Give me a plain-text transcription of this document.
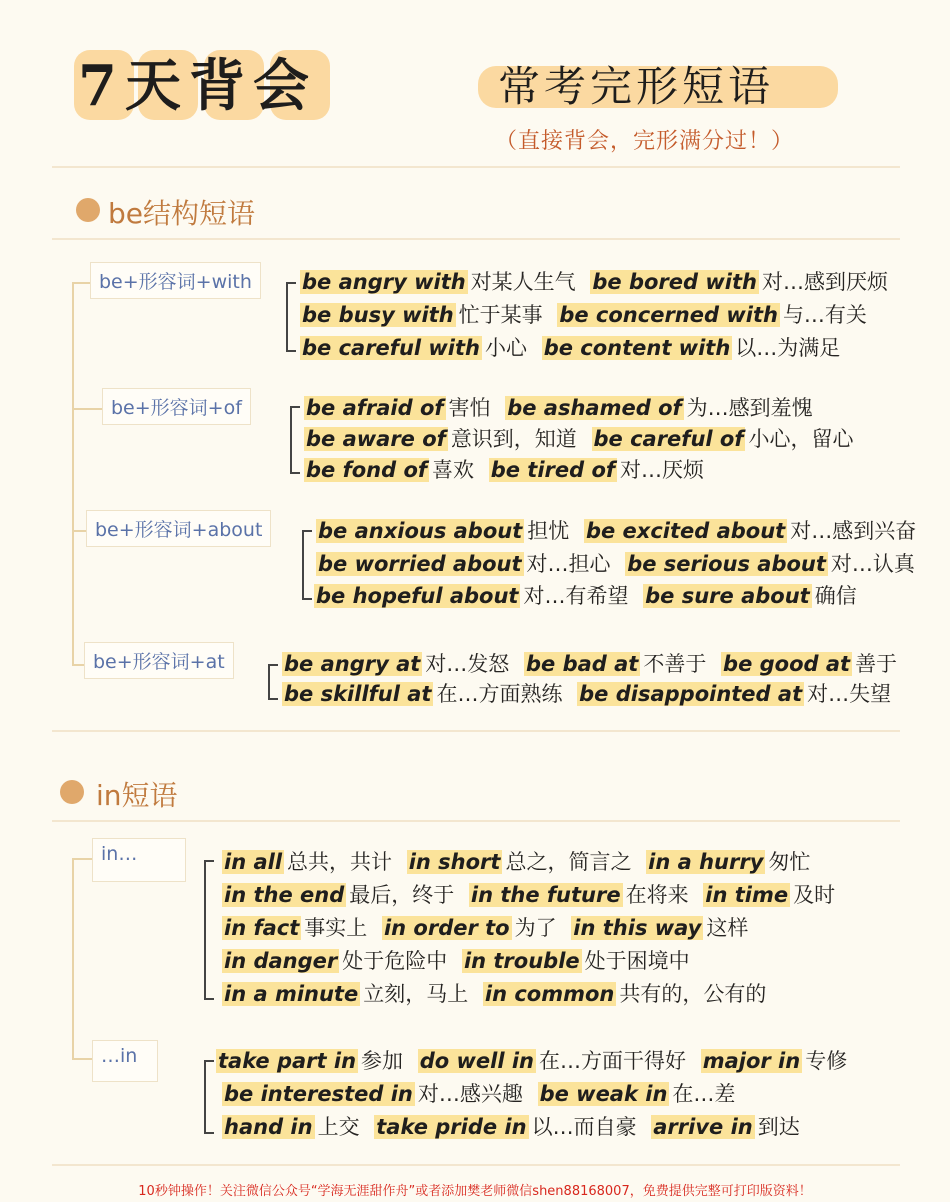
7天背会	常考完形短语
（直接背会，完形满分过！）
be结构短语
be+形容词+with
be+形容词+of
be+形容词+about
be+形容词+at
be angry with 对某人生气 be bored with 对…感到厌烦
be busy with 忙于某事 be concerned with 与…有关
be careful with 小心 be content with 以…为满足
be afraid of 害怕 be ashamed of 为…感到羞愧
be aware of 意识到，知道 be careful of 小心，留心
be fond of 喜欢 be tired of 对…厌烦
be anxious about 担忧 be excited about 对…感到兴奋
be worried about 对…担心 be serious about 对…认真
be hopeful about 对…有希望 be sure about 确信
be angry at 对…发怒 be bad at 不善于 be good at 善于
be skillful at 在…方面熟练 be disappointed at 对…失望
in短语
in…
…in
in all 总共，共计 in short 总之，简言之 in a hurry 匆忙
in the end 最后，终于 in the future 在将来 in time 及时
in fact 事实上 in order to 为了 in this way 这样
in danger 处于危险中 in trouble 处于困境中
in a minute 立刻，马上 in common 共有的，公有的
take part in 参加 do well in 在…方面干得好 major in 专修
be interested in 对…感兴趣 be weak in 在…差
hand in 上交 take pride in 以…而自豪 arrive in 到达
10秒钟操作！关注微信公众号“学海无涯甜作舟”或者添加樊老师微信shen88168007，免费提供完整可打印版资料！
